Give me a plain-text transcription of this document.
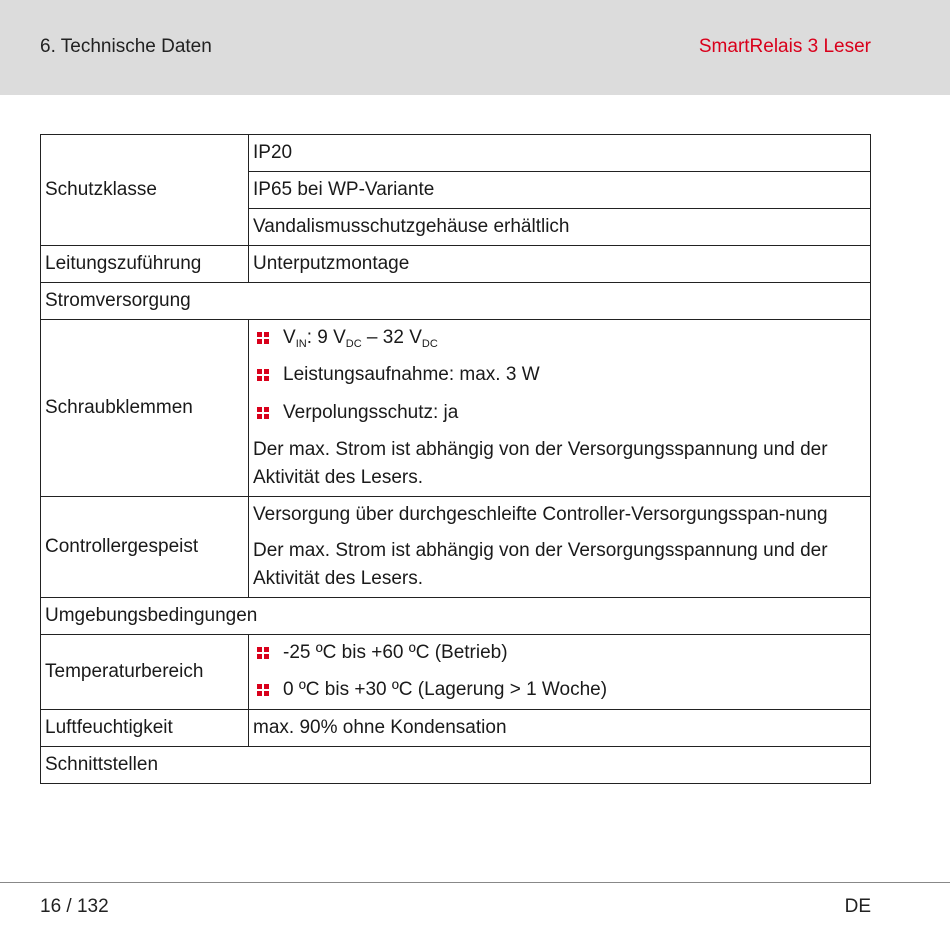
6. Technische Daten	SmartRelais 3 Leser
Schutzklasse	IP20
	IP65 bei WP-Variante
	Vandalismusschutzgehäuse erhältlich
Leitungszuführung	Unterputzmontage
Stromversorgung	
Schraubklemmen	$V_{IN}$: 9 $V_{DC} - 32$ $V_{DC}$
Leistungsaufnahme: max. 3 W
Verpolungsschutz: ja
Der max. Strom ist abhängig von der Versorgungsspannung und der Aktivität des Lesers.

Controllergespeist	Versorgung über durchgeschleifte Controller-Versorgungsspan-nung
Der max. Strom ist abhängig von der Versorgungsspannung und der Aktivität des Lesers.

Umgebungsbedingungen	
Temperaturbereich	-25 ºC bis +60 ºC (Betrieb)
0 ºC bis +30 ºC (Lagerung > 1 Woche)

Luftfeuchtigkeit	max. 90% ohne Kondensation
Schnittstellen	
16 / 132	DE
